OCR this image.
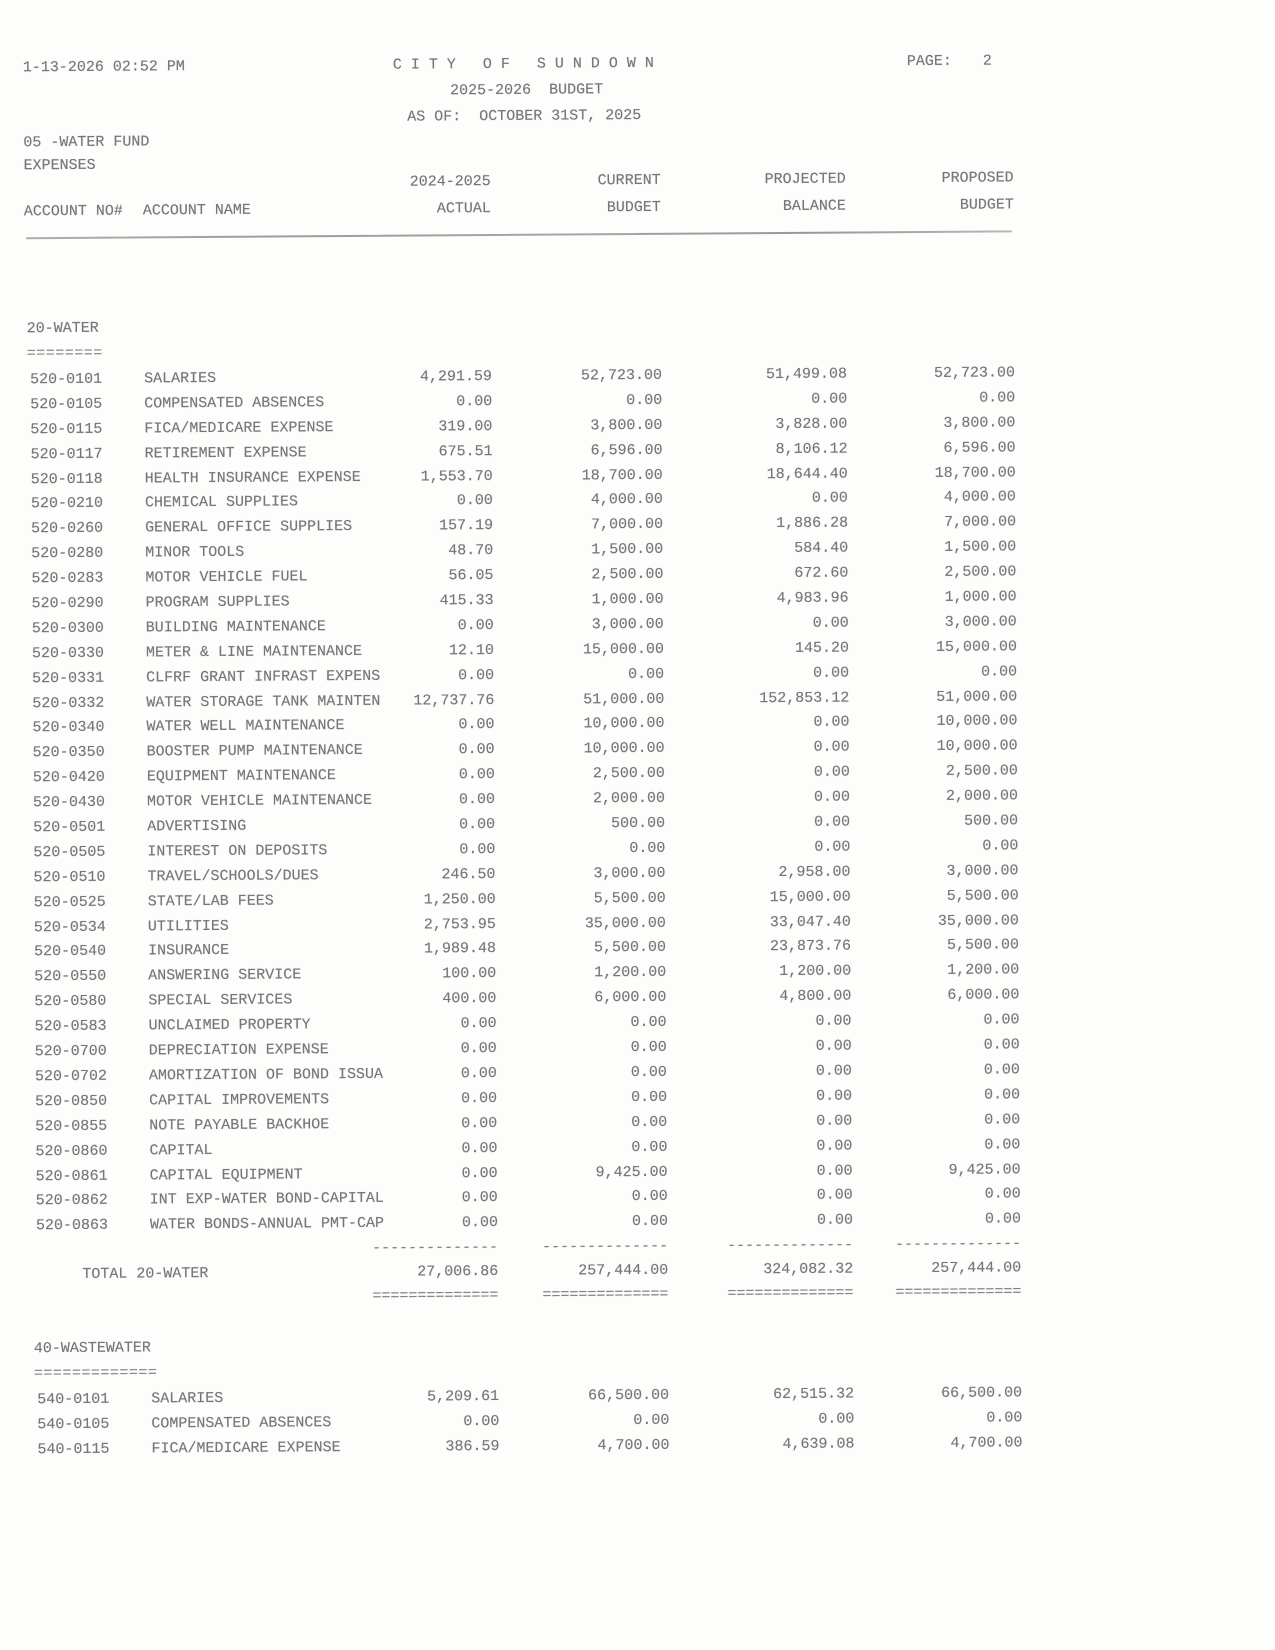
1-13-2026 02:52 PM	C I T Y   O F   S U N D O W N	PAGE: 2
2025-2026  BUDGET
AS OF:  OCTOBER 31ST, 2025
05 -WATER FUND
EXPENSES
2024-2025	CURRENT	PROJECTED	PROPOSED
ACCOUNT NO# ACCOUNT NAME	ACTUAL	BUDGET	BALANCE	BUDGET
20-WATER
========
520-0101	SALARIES	4,291.59	52,723.00	51,499.08	52,723.00
520-0105	COMPENSATED ABSENCES	0.00	0.00	0.00	0.00
520-0115	FICA/MEDICARE EXPENSE	319.00	3,800.00	3,828.00	3,800.00
520-0117	RETIREMENT EXPENSE	675.51	6,596.00	8,106.12	6,596.00
520-0118	HEALTH INSURANCE EXPENSE	1,553.70	18,700.00	18,644.40	18,700.00
520-0210	CHEMICAL SUPPLIES	0.00	4,000.00	0.00	4,000.00
520-0260	GENERAL OFFICE SUPPLIES	157.19	7,000.00	1,886.28	7,000.00
520-0280	MINOR TOOLS	48.70	1,500.00	584.40	1,500.00
520-0283	MOTOR VEHICLE FUEL	56.05	2,500.00	672.60	2,500.00
520-0290	PROGRAM SUPPLIES	415.33	1,000.00	4,983.96	1,000.00
520-0300	BUILDING MAINTENANCE	0.00	3,000.00	0.00	3,000.00
520-0330	METER & LINE MAINTENANCE	12.10	15,000.00	145.20	15,000.00
520-0331	CLFRF GRANT INFRAST EXPENS	0.00	0.00	0.00	0.00
520-0332	WATER STORAGE TANK MAINTEN	12,737.76	51,000.00	152,853.12	51,000.00
520-0340	WATER WELL MAINTENANCE	0.00	10,000.00	0.00	10,000.00
520-0350	BOOSTER PUMP MAINTENANCE	0.00	10,000.00	0.00	10,000.00
520-0420	EQUIPMENT MAINTENANCE	0.00	2,500.00	0.00	2,500.00
520-0430	MOTOR VEHICLE MAINTENANCE	0.00	2,000.00	0.00	2,000.00
520-0501	ADVERTISING	0.00	500.00	0.00	500.00
520-0505	INTEREST ON DEPOSITS	0.00	0.00	0.00	0.00
520-0510	TRAVEL/SCHOOLS/DUES	246.50	3,000.00	2,958.00	3,000.00
520-0525	STATE/LAB FEES	1,250.00	5,500.00	15,000.00	5,500.00
520-0534	UTILITIES	2,753.95	35,000.00	33,047.40	35,000.00
520-0540	INSURANCE	1,989.48	5,500.00	23,873.76	5,500.00
520-0550	ANSWERING SERVICE	100.00	1,200.00	1,200.00	1,200.00
520-0580	SPECIAL SERVICES	400.00	6,000.00	4,800.00	6,000.00
520-0583	UNCLAIMED PROPERTY	0.00	0.00	0.00	0.00
520-0700	DEPRECIATION EXPENSE	0.00	0.00	0.00	0.00
520-0702	AMORTIZATION OF BOND ISSUA	0.00	0.00	0.00	0.00
520-0850	CAPITAL IMPROVEMENTS	0.00	0.00	0.00	0.00
520-0855	NOTE PAYABLE BACKHOE	0.00	0.00	0.00	0.00
520-0860	CAPITAL	0.00	0.00	0.00	0.00
520-0861	CAPITAL EQUIPMENT	0.00	9,425.00	0.00	9,425.00
520-0862	INT EXP-WATER BOND-CAPITAL	0.00	0.00	0.00	0.00
520-0863	WATER BONDS-ANNUAL PMT-CAP	0.00	0.00	0.00	0.00
--------------	--------------	--------------	--------------
TOTAL 20-WATER	27,006.86	257,444.00	324,082.32	257,444.00
==============	==============	==============	==============
40-WASTEWATER
=============
540-0101	SALARIES	5,209.61	66,500.00	62,515.32	66,500.00
540-0105	COMPENSATED ABSENCES	0.00	0.00	0.00	0.00
540-0115	FICA/MEDICARE EXPENSE	386.59	4,700.00	4,639.08	4,700.00
